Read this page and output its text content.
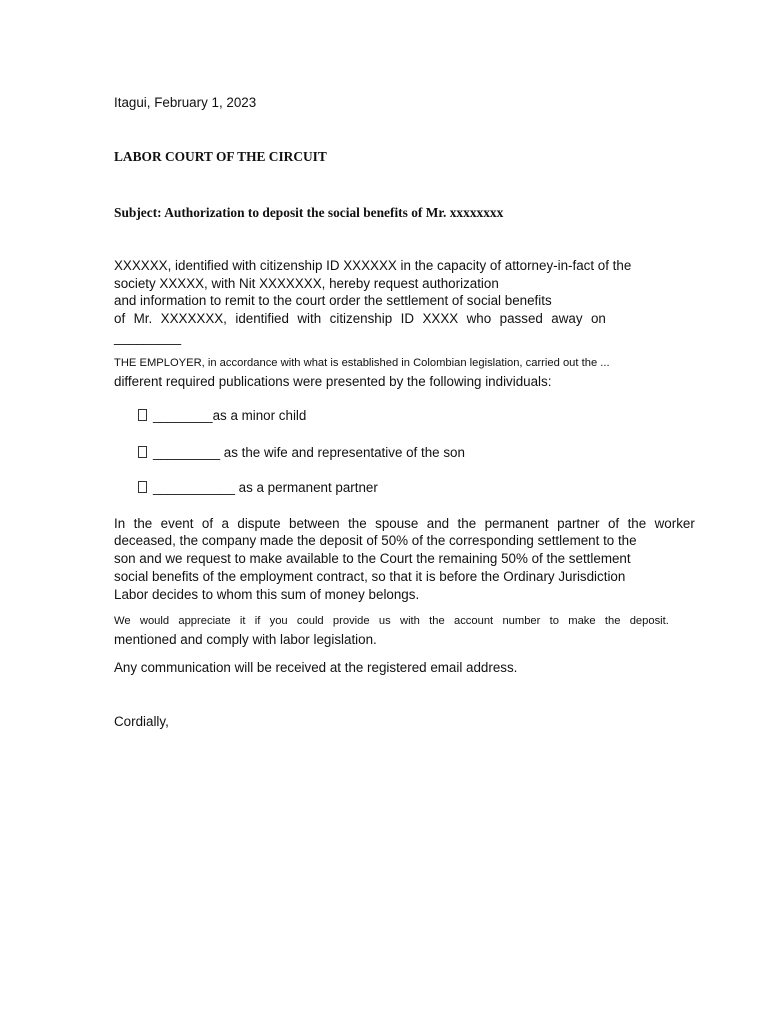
Itagui, February 1, 2023
LABOR COURT OF THE CIRCUIT
Subject: Authorization to deposit the social benefits of Mr. xxxxxxxx
XXXXXX, identified with citizenship ID XXXXXX in the capacity of attorney-in-fact of the
society XXXXX, with Nit XXXXXXX, hereby request authorization
and information to remit to the court order the settlement of social benefits
of Mr. XXXXXXX, identified with citizenship ID XXXX who passed away on
_________
THE EMPLOYER, in accordance with what is established in Colombian legislation, carried out the ...
different required publications were presented by the following individuals:
________as a minor child
_________ as the wife and representative of the son
___________ as a permanent partner
In the event of a dispute between the spouse and the permanent partner of the worker
deceased, the company made the deposit of 50% of the corresponding settlement to the
son and we request to make available to the Court the remaining 50% of the settlement
social benefits of the employment contract, so that it is before the Ordinary Jurisdiction
Labor decides to whom this sum of money belongs.
We would appreciate it if you could provide us with the account number to make the deposit.
mentioned and comply with labor legislation.
Any communication will be received at the registered email address.
Cordially,
